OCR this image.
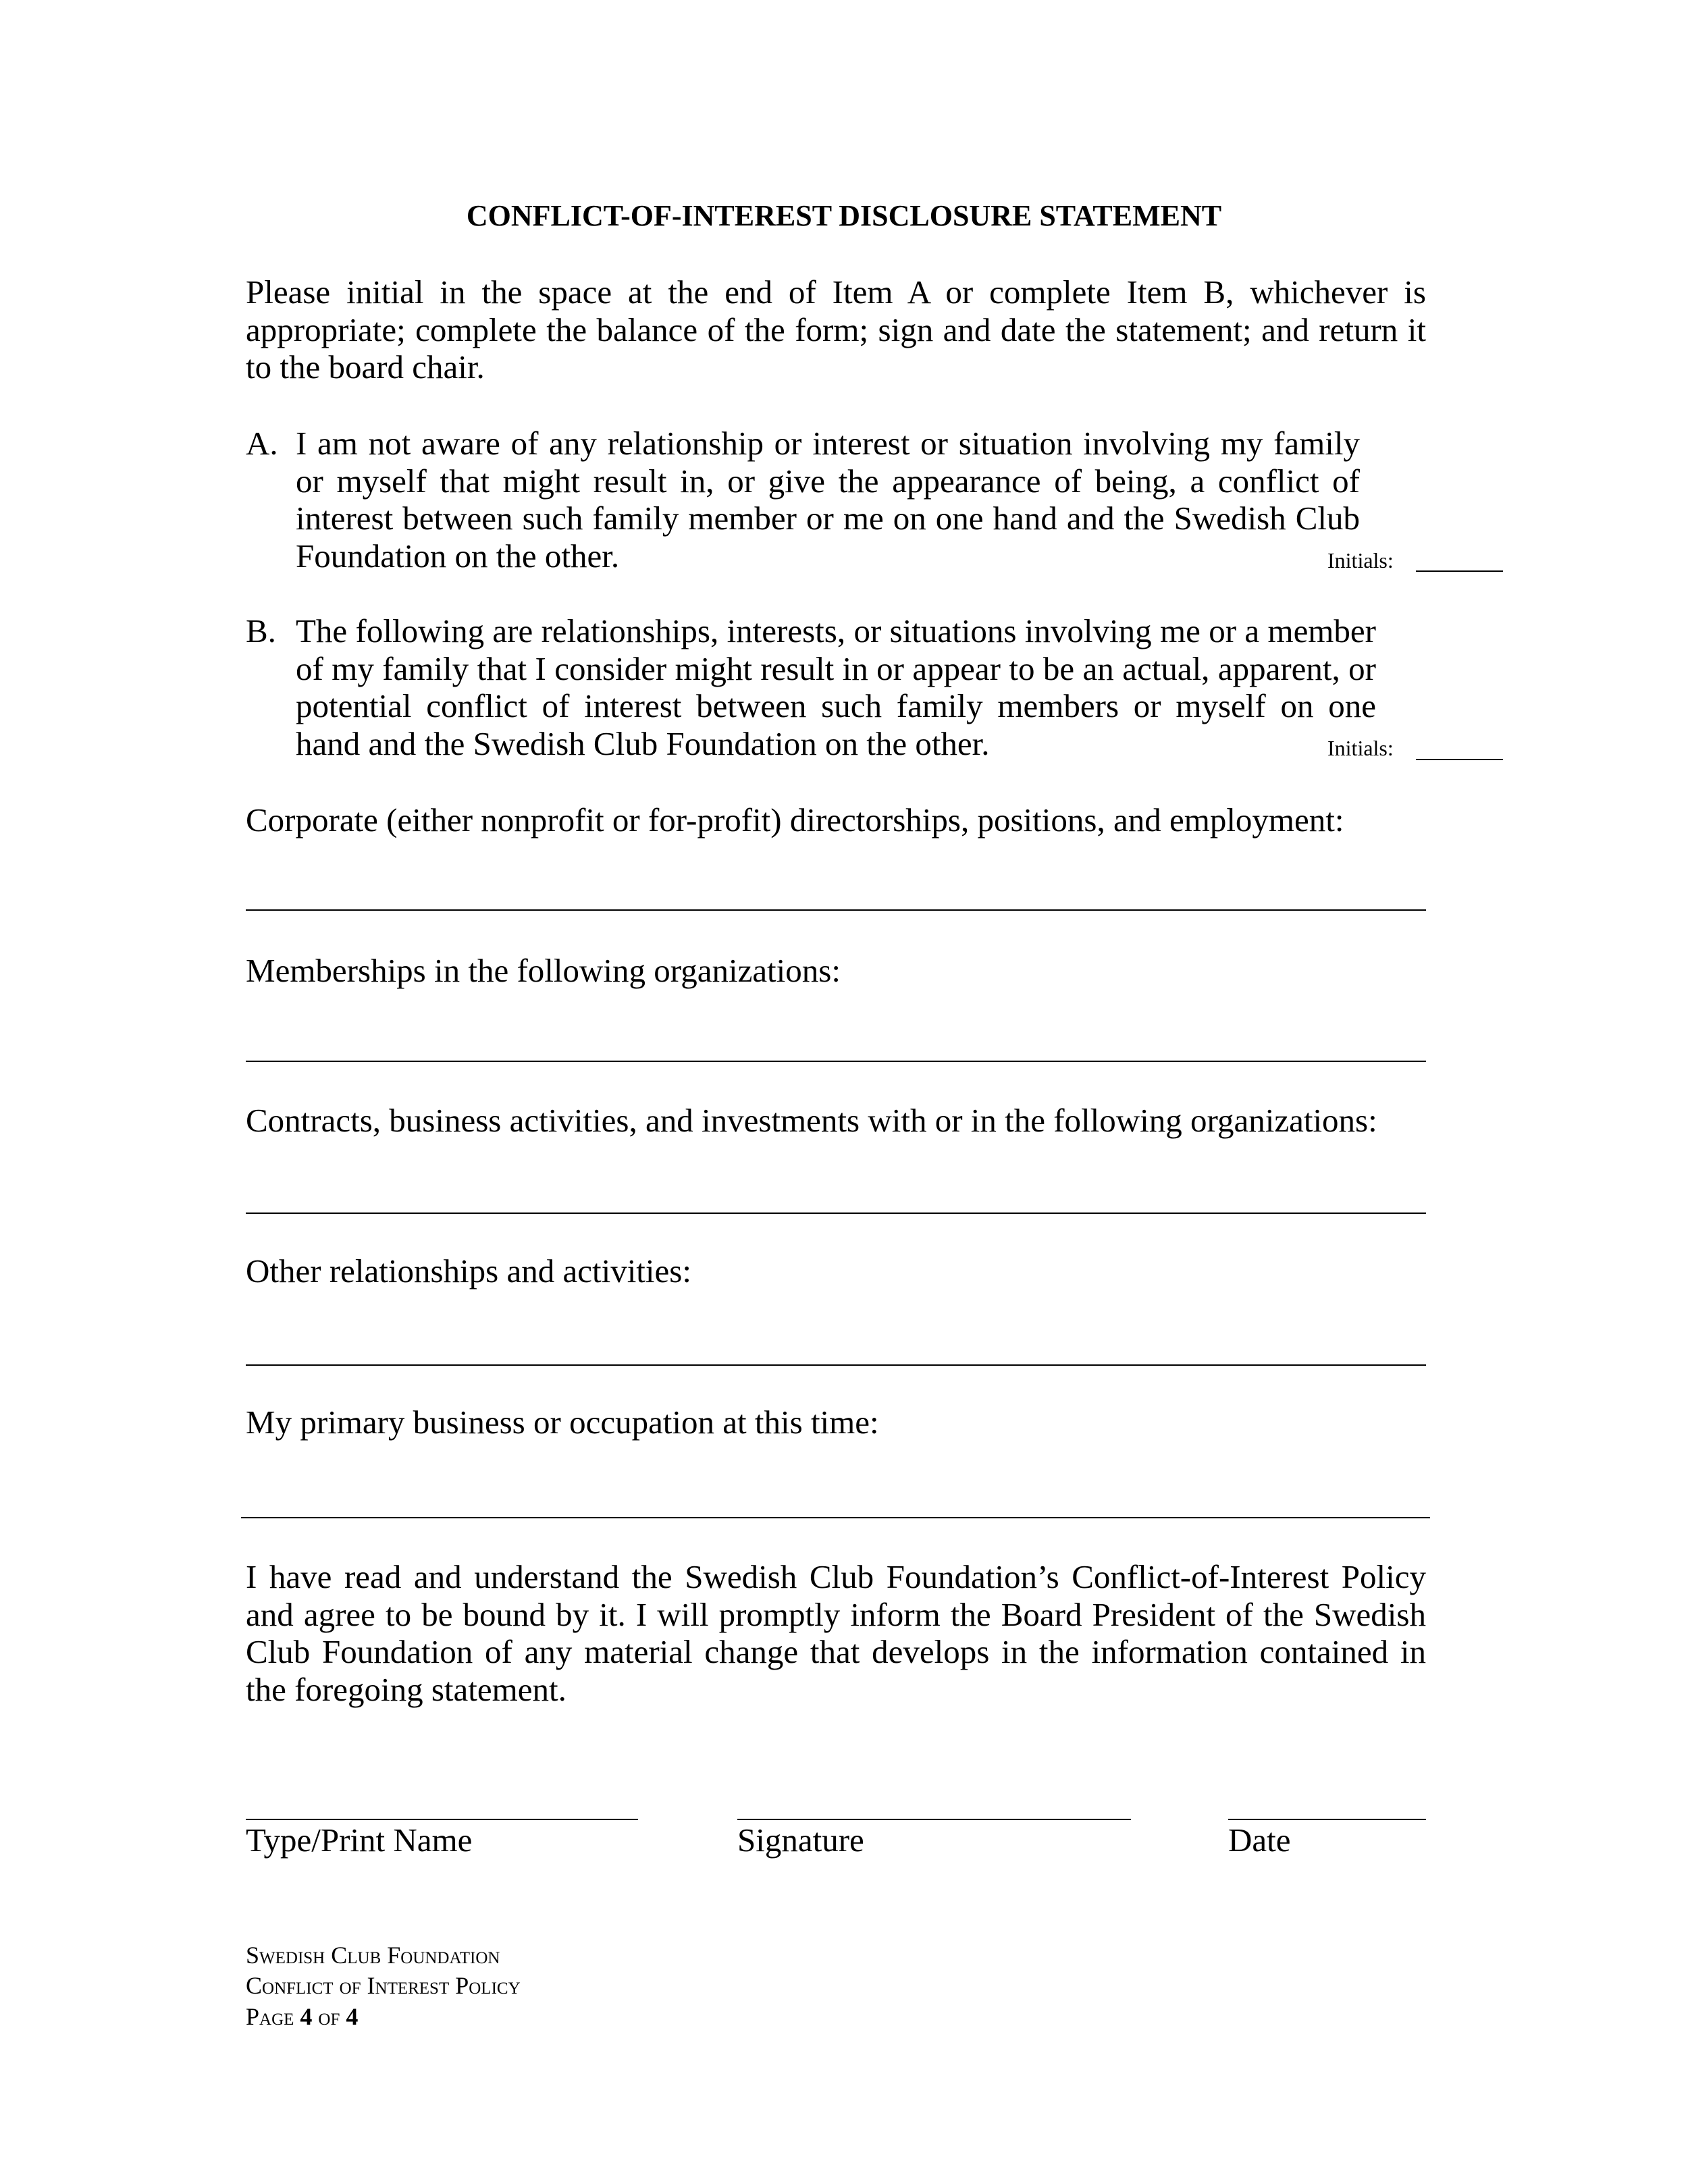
CONFLICT-OF-INTEREST DISCLOSURE STATEMENT
Please initial in the space at the end of Item A or complete Item B, whichever is appropriate; complete the balance of the form; sign and date the statement; and return it to the board chair.
A. I am not aware of any relationship or interest or situation involving my family or myself that might result in, or give the appearance of being, a conflict of interest between such family member or me on one hand and the Swedish Club Foundation on the other.	Initials:
B. The following are relationships, interests, or situations involving me or a member of my family that I consider might result in or appear to be an actual, apparent, or potential conflict of interest between such family members or myself on one hand and the Swedish Club Foundation on the other.	Initials:
Corporate (either nonprofit or for-profit) directorships, positions, and employment:
Memberships in the following organizations:
Contracts, business activities, and investments with or in the following organizations:
Other relationships and activities:
My primary business or occupation at this time:
I have read and understand the Swedish Club Foundation’s Conflict-of-Interest Policy and agree to be bound by it. I will promptly inform the Board President of the Swedish Club Foundation of any material change that develops in the information contained in the foregoing statement.
Type/Print Name	Signature	Date
Swedish Club Foundation
Conflict of Interest Policy
Page 4 of 4
